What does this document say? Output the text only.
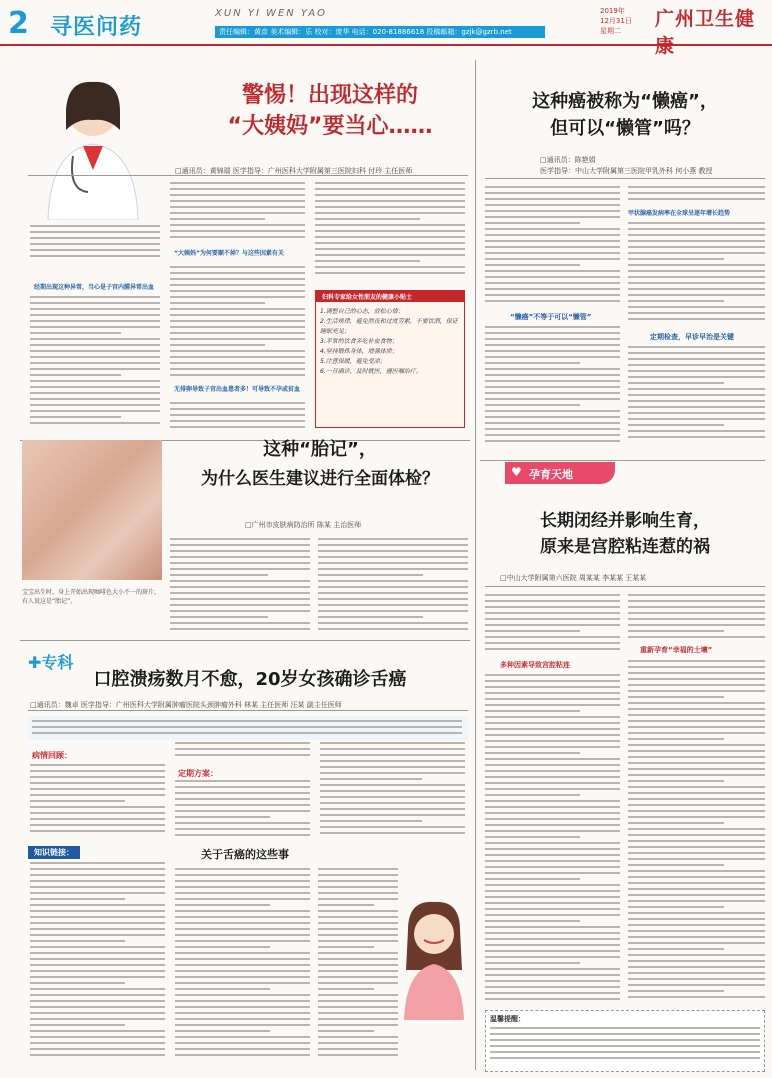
2 寻医问药
XUN YI WEN YAO
责任编辑：黄彦 美术编辑：乐 校对：庞华 电话：020-81886618 投稿邮箱：gzjk@gzrb.net
2019年
12月31日
星期二
广州卫生健康
警惕！出现这样的
“大姨妈”要当心……
□通讯员：黄锦瑞 医学指导：广州医科大学附属第三医院妇科 付玲 主任医师
经期出现这种异常，当心是子宫内膜异常出血
“大姨妈”为何要顺不掉？与这些因素有关
无排卵导致子宫出血患者多！可导致不孕或贫血
妇科专家给女性朋友的健康小贴士
1.调整自己的心态，放松心情；
2.生活规律，避免熬夜和过度劳累，不要饮酒，保证睡眠充足；
3.平常的饮食多吃补血食物；
4.坚持锻炼身体，增强体质；
5.注意保暖，避免受凉；
6.一旦确诊，及时就医，遵医嘱治疗。
这种癌被称为“懒癌”，
但可以“懒管”吗？
□通讯员：陈艳娟
医学指导：中山大学附属第三医院甲乳外科 何小燕 教授
“懒癌”不等于可以“懒管”
甲状腺癌发病率在全球呈逐年增长趋势
定期检查，早诊早治是关键
这种“胎记”，
为什么医生建议进行全面体检？
□广州市皮肤病防治所 陈某 主治医师
宝宝出生时，身上开始出现咖啡色大小不一的斑片，有人说这是“胎记”。
✚专科
口腔溃疡数月不愈，20岁女孩确诊舌癌
□通讯员：魏卓 医学指导：广州医科大学附属肿瘤医院头颈肿瘤外科 林某 主任医师 汪某 副主任医师
病情回顾：
定期方案：
知识链接：	关于舌癌的这些事
♥ 孕育天地
长期闭经并影响生育，
原来是宫腔粘连惹的祸
□中山大学附属第六医院 周某某 李某某 王某某
多种因素导致宫腔粘连
重新孕育“幸福的土壤”
温馨提醒：
